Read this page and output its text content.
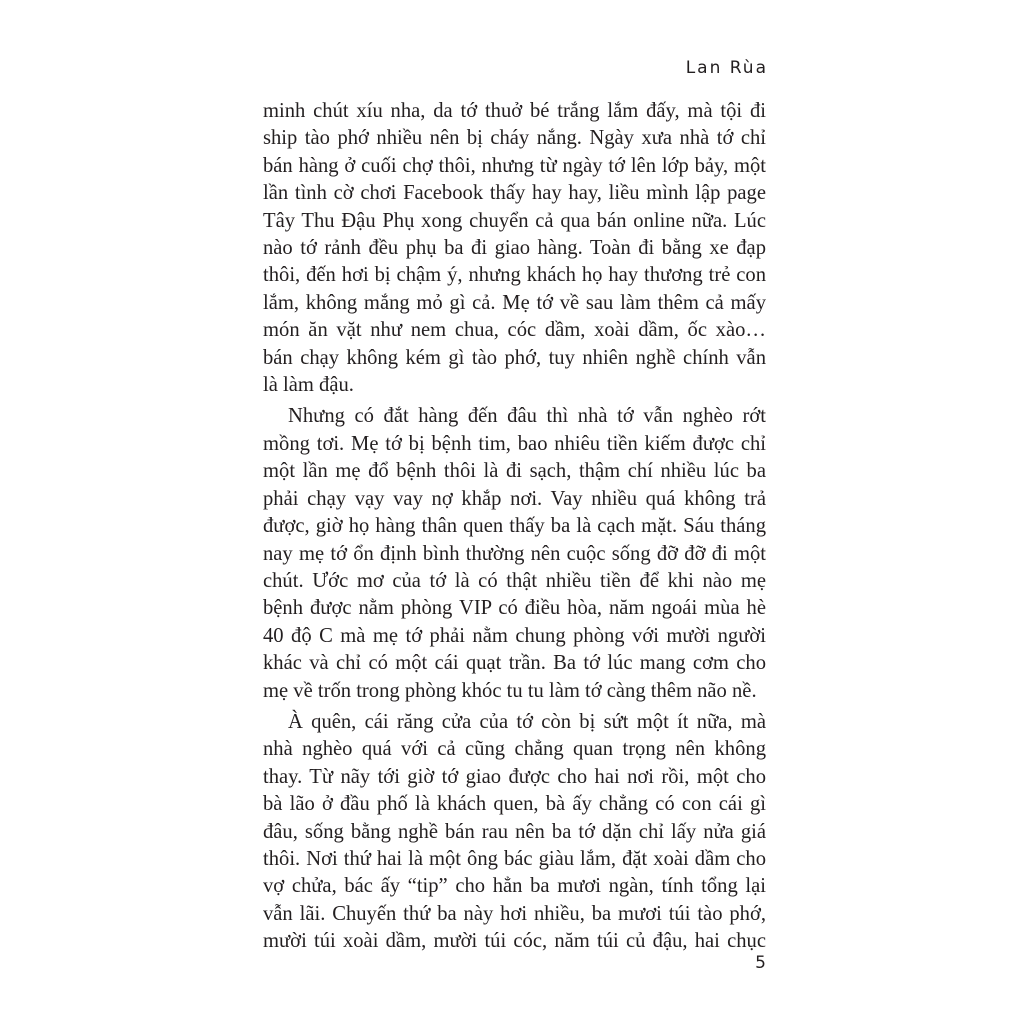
Lan Rùa
minh chút xíu nha, da tớ thuở bé trắng lắm đấy, mà tội đi
ship tào phớ nhiều nên bị cháy nắng. Ngày xưa nhà tớ chỉ
bán hàng ở cuối chợ thôi, nhưng từ ngày tớ lên lớp bảy, một
lần tình cờ chơi Facebook thấy hay hay, liều mình lập page
Tây Thu Đậu Phụ xong chuyển cả qua bán online nữa. Lúc
nào tớ rảnh đều phụ ba đi giao hàng. Toàn đi bằng xe đạp
thôi, đến hơi bị chậm ý, nhưng khách họ hay thương trẻ con
lắm, không mắng mỏ gì cả. Mẹ tớ về sau làm thêm cả mấy
món ăn vặt như nem chua, cóc dầm, xoài dầm, ốc xào…
bán chạy không kém gì tào phớ, tuy nhiên nghề chính vẫn
là làm đậu.
Nhưng có đắt hàng đến đâu thì nhà tớ vẫn nghèo rớt
mồng tơi. Mẹ tớ bị bệnh tim, bao nhiêu tiền kiếm được chỉ
một lần mẹ đổ bệnh thôi là đi sạch, thậm chí nhiều lúc ba
phải chạy vạy vay nợ khắp nơi. Vay nhiều quá không trả
được, giờ họ hàng thân quen thấy ba là cạch mặt. Sáu tháng
nay mẹ tớ ổn định bình thường nên cuộc sống đỡ đỡ đi một
chút. Ước mơ của tớ là có thật nhiều tiền để khi nào mẹ
bệnh được nằm phòng VIP có điều hòa, năm ngoái mùa hè
40 độ C mà mẹ tớ phải nằm chung phòng với mười người
khác và chỉ có một cái quạt trần. Ba tớ lúc mang cơm cho
mẹ về trốn trong phòng khóc tu tu làm tớ càng thêm não nề.
À quên, cái răng cửa của tớ còn bị sứt một ít nữa, mà
nhà nghèo quá với cả cũng chẳng quan trọng nên không
thay. Từ nãy tới giờ tớ giao được cho hai nơi rồi, một cho
bà lão ở đầu phố là khách quen, bà ấy chẳng có con cái gì
đâu, sống bằng nghề bán rau nên ba tớ dặn chỉ lấy nửa giá
thôi. Nơi thứ hai là một ông bác giàu lắm, đặt xoài dầm cho
vợ chửa, bác ấy “tip” cho hẳn ba mươi ngàn, tính tổng lại
vẫn lãi. Chuyến thứ ba này hơi nhiều, ba mươi túi tào phớ,
mười túi xoài dầm, mười túi cóc, năm túi củ đậu, hai chục
5
